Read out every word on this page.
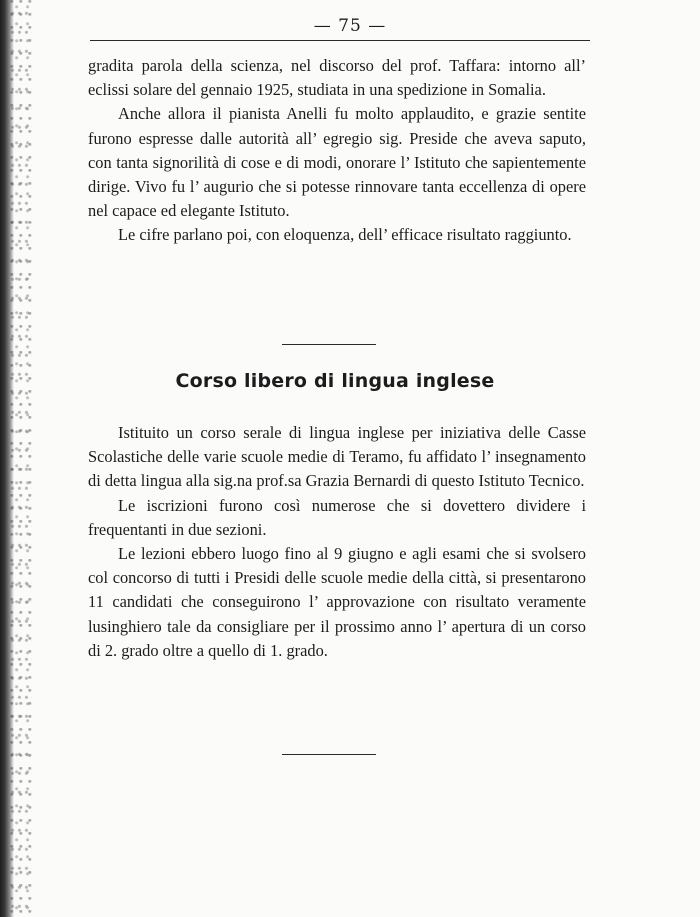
— 75 —

gradita parola della scienza, nel discorso del prof. Taffara: intorno all’ eclissi solare del gennaio 1925, studiata in una spedizione in Somalia.

Anche allora il pianista Anelli fu molto applaudito, e grazie sentite furono espresse dalle autorità all’ egregio sig. Preside che aveva saputo, con tanta signorilità di cose e di modi, onorare l’ Istituto che sapientemente dirige. Vivo fu l’ augurio che si potesse rinnovare tanta eccellenza di opere nel capace ed elegante Istituto.

Le cifre parlano poi, con eloquenza, dell’ efficace risultato raggiunto.

Corso libero di lingua inglese

Istituito un corso serale di lingua inglese per iniziativa delle Casse Scolastiche delle varie scuole medie di Teramo, fu affidato l’ insegnamento di detta lingua alla sig.na prof.sa Grazia Bernardi di questo Istituto Tecnico.

Le iscrizioni furono così numerose che si dovettero dividere i frequentanti in due sezioni.

Le lezioni ebbero luogo fino al 9 giugno e agli esami che si svolsero col concorso di tutti i Presidi delle scuole medie della città, si presentarono 11 candidati che conseguirono l’ approvazione con risultato veramente lusinghiero tale da consigliare per il prossimo anno l’ apertura di un corso di 2. grado oltre a quello di 1. grado.
